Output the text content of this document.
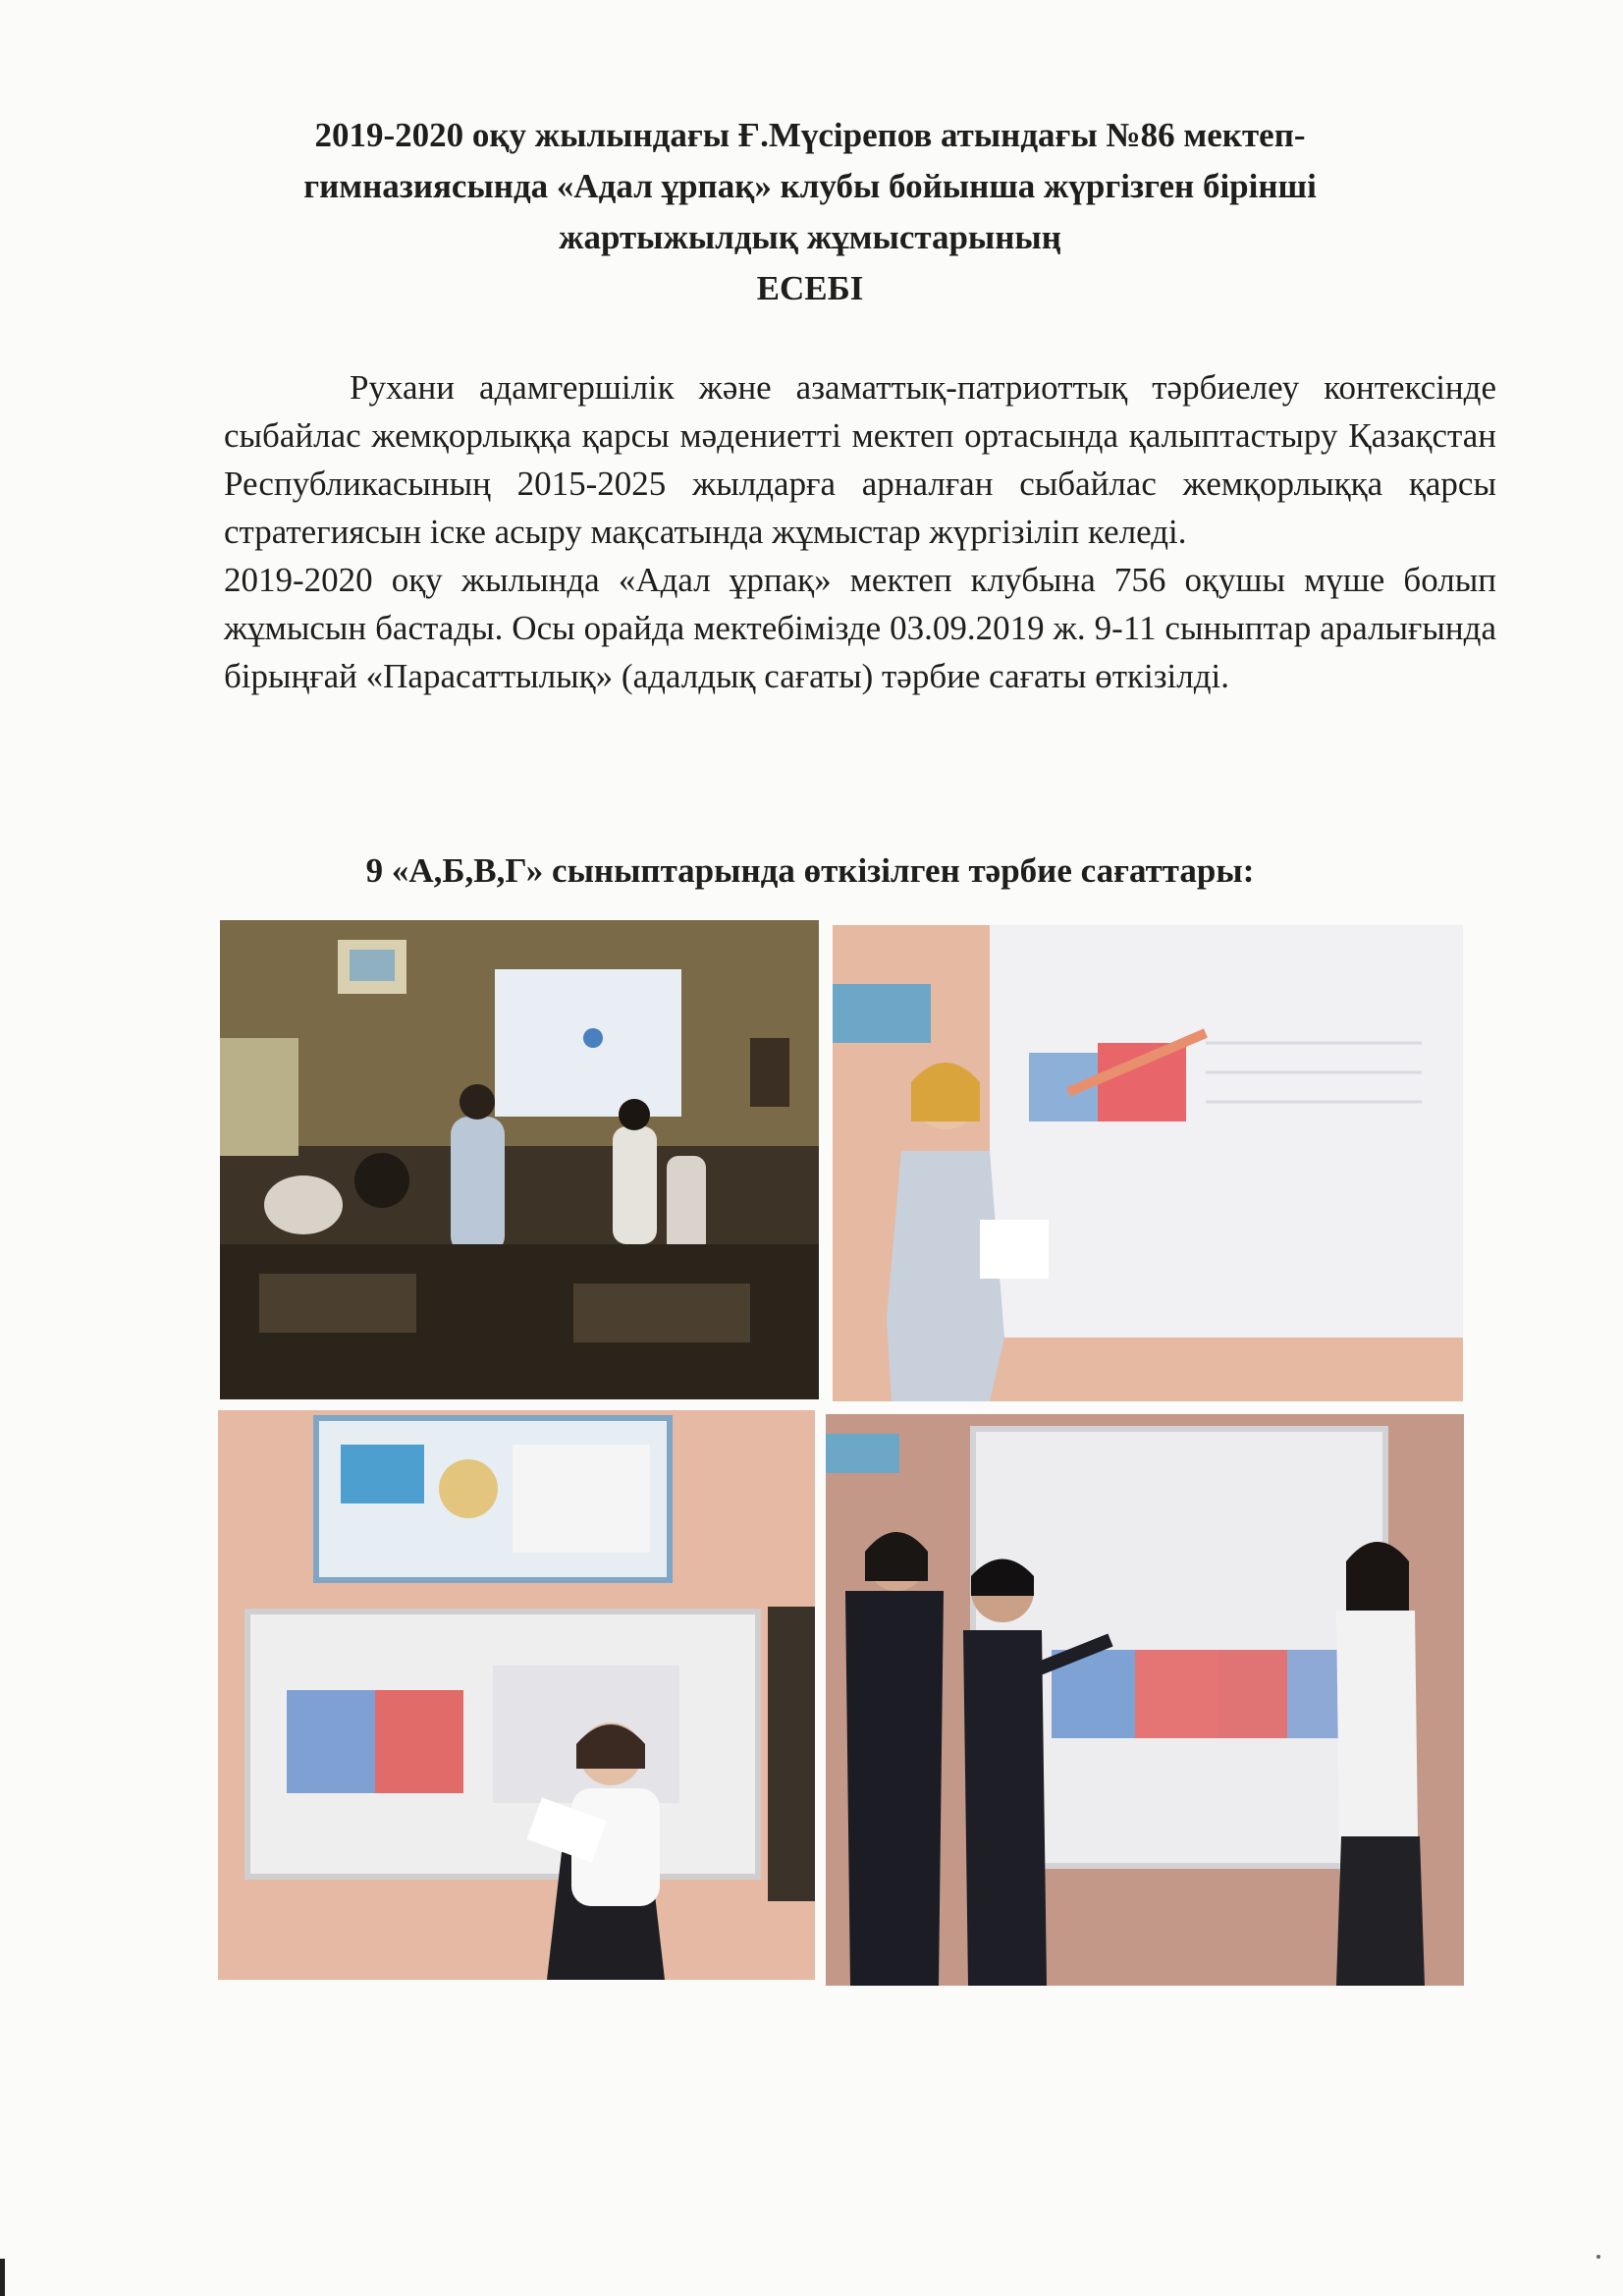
2019-2020 оқу жылындағы Ғ.Мүсірепов атындағы №86 мектеп-
гимназиясында «Адал ұрпақ» клубы бойынша жүргізген бірінші
жартыжылдық жұмыстарының
ЕСЕБІ

Рухани адамгершілік және азаматтық-патриоттық тәрбиелеу контексінде сыбайлас жемқорлыққа қарсы мәдениетті мектеп ортасында қалыптастыру Қазақстан Республикасының 2015-2025 жылдарға арналған сыбайлас жемқорлыққа қарсы стратегиясын іске асыру мақсатында жұмыстар жүргізіліп келеді.

2019-2020 оқу жылында «Адал ұрпақ» мектеп клубына 756 оқушы мүше болып жұмысын бастады. Осы орайда мектебімізде 03.09.2019 ж. 9-11 сыныптар аралығында бірыңғай «Парасаттылық» (адалдық сағаты) тәрбие сағаты өткізілді.

9 «А,Б,В,Г» сыныптарында өткізілген тәрбие сағаттары:
